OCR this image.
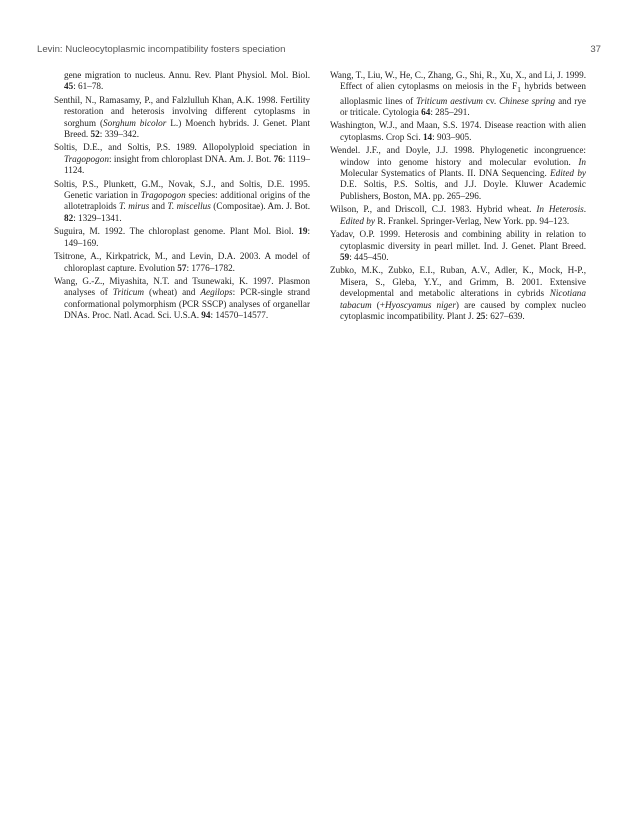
Levin: Nucleocytoplasmic incompatibility fosters speciation	37

gene migration to nucleus. Annu. Rev. Plant Physiol. Mol. Biol. 45: 61–78.

Senthil, N., Ramasamy, P., and Falzlulluh Khan, A.K. 1998. Fertility restoration and heterosis involving different cytoplasms in sorghum (Sorghum bicolor L.) Moench hybrids. J. Genet. Plant Breed. 52: 339–342.

Soltis, D.E., and Soltis, P.S. 1989. Allopolyploid speciation in Tragopogon: insight from chloroplast DNA. Am. J. Bot. 76: 1119–1124.

Soltis, P.S., Plunkett, G.M., Novak, S.J., and Soltis, D.E. 1995. Genetic variation in Tragopogon species: additional origins of the allotetraploids T. mirus and T. miscellus (Compositae). Am. J. Bot. 82: 1329–1341.

Suguira, M. 1992. The chloroplast genome. Plant Mol. Biol. 19: 149–169.

Tsitrone, A., Kirkpatrick, M., and Levin, D.A. 2003. A model of chloroplast capture. Evolution 57: 1776–1782.

Wang, G.-Z., Miyashita, N.T. and Tsunewaki, K. 1997. Plasmon analyses of Triticum (wheat) and Aegilops: PCR-single strand conformational polymorphism (PCR SSCP) analyses of organellar DNAs. Proc. Natl. Acad. Sci. U.S.A. 94: 14570–14577.

Wang, T., Liu, W., He, C., Zhang, G., Shi, R., Xu, X., and Li, J. 1999. Effect of alien cytoplasms on meiosis in the $F_1$ hybrids between alloplasmic lines of Triticum aestivum cv. Chinese spring and rye or triticale. Cytologia 64: 285–291.

Washington, W.J., and Maan, S.S. 1974. Disease reaction with alien cytoplasms. Crop Sci. 14: 903–905.

Wendel. J.F., and Doyle, J.J. 1998. Phylogenetic incongruence: window into genome history and molecular evolution. In Molecular Systematics of Plants. II. DNA Sequencing. Edited by D.E. Soltis, P.S. Soltis, and J.J. Doyle. Kluwer Academic Publishers, Boston, MA. pp. 265–296.

Wilson, P., and Driscoll, C.J. 1983. Hybrid wheat. In Heterosis. Edited by R. Frankel. Springer-Verlag, New York. pp. 94–123.

Yadav, O.P. 1999. Heterosis and combining ability in relation to cytoplasmic diversity in pearl millet. Ind. J. Genet. Plant Breed. 59: 445–450.

Zubko, M.K., Zubko, E.I., Ruban, A.V., Adler, K., Mock, H-P., Misera, S., Gleba, Y.Y., and Grimm, B. 2001. Extensive developmental and metabolic alterations in cybrids Nicotiana tabacum (+Hyoscyamus niger) are caused by complex nucleo cytoplasmic incompatibility. Plant J. 25: 627–639.
